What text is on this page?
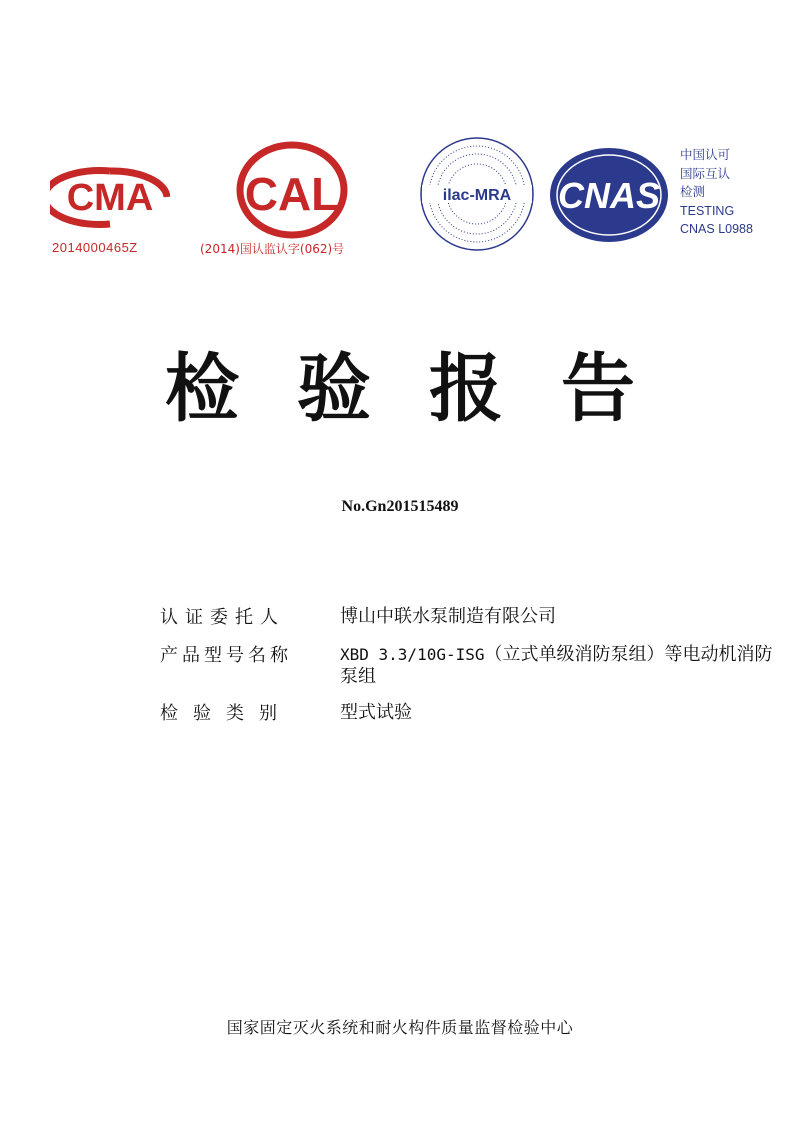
CMA
2014000465Z
CAL
(2014)国认监认字(062)号
ilac-MRA CNAS
中国认可
国际互认
检测
TESTING
CNAS L0988
检验报告
No.Gn201515489
认证委托人	博山中联水泵制造有限公司
产品型号名称	XBD 3.3/10G-ISG（立式单级消防泵组）等电动机消防泵组
检验类别	型式试验
国家固定灭火系统和耐火构件质量监督检验中心
